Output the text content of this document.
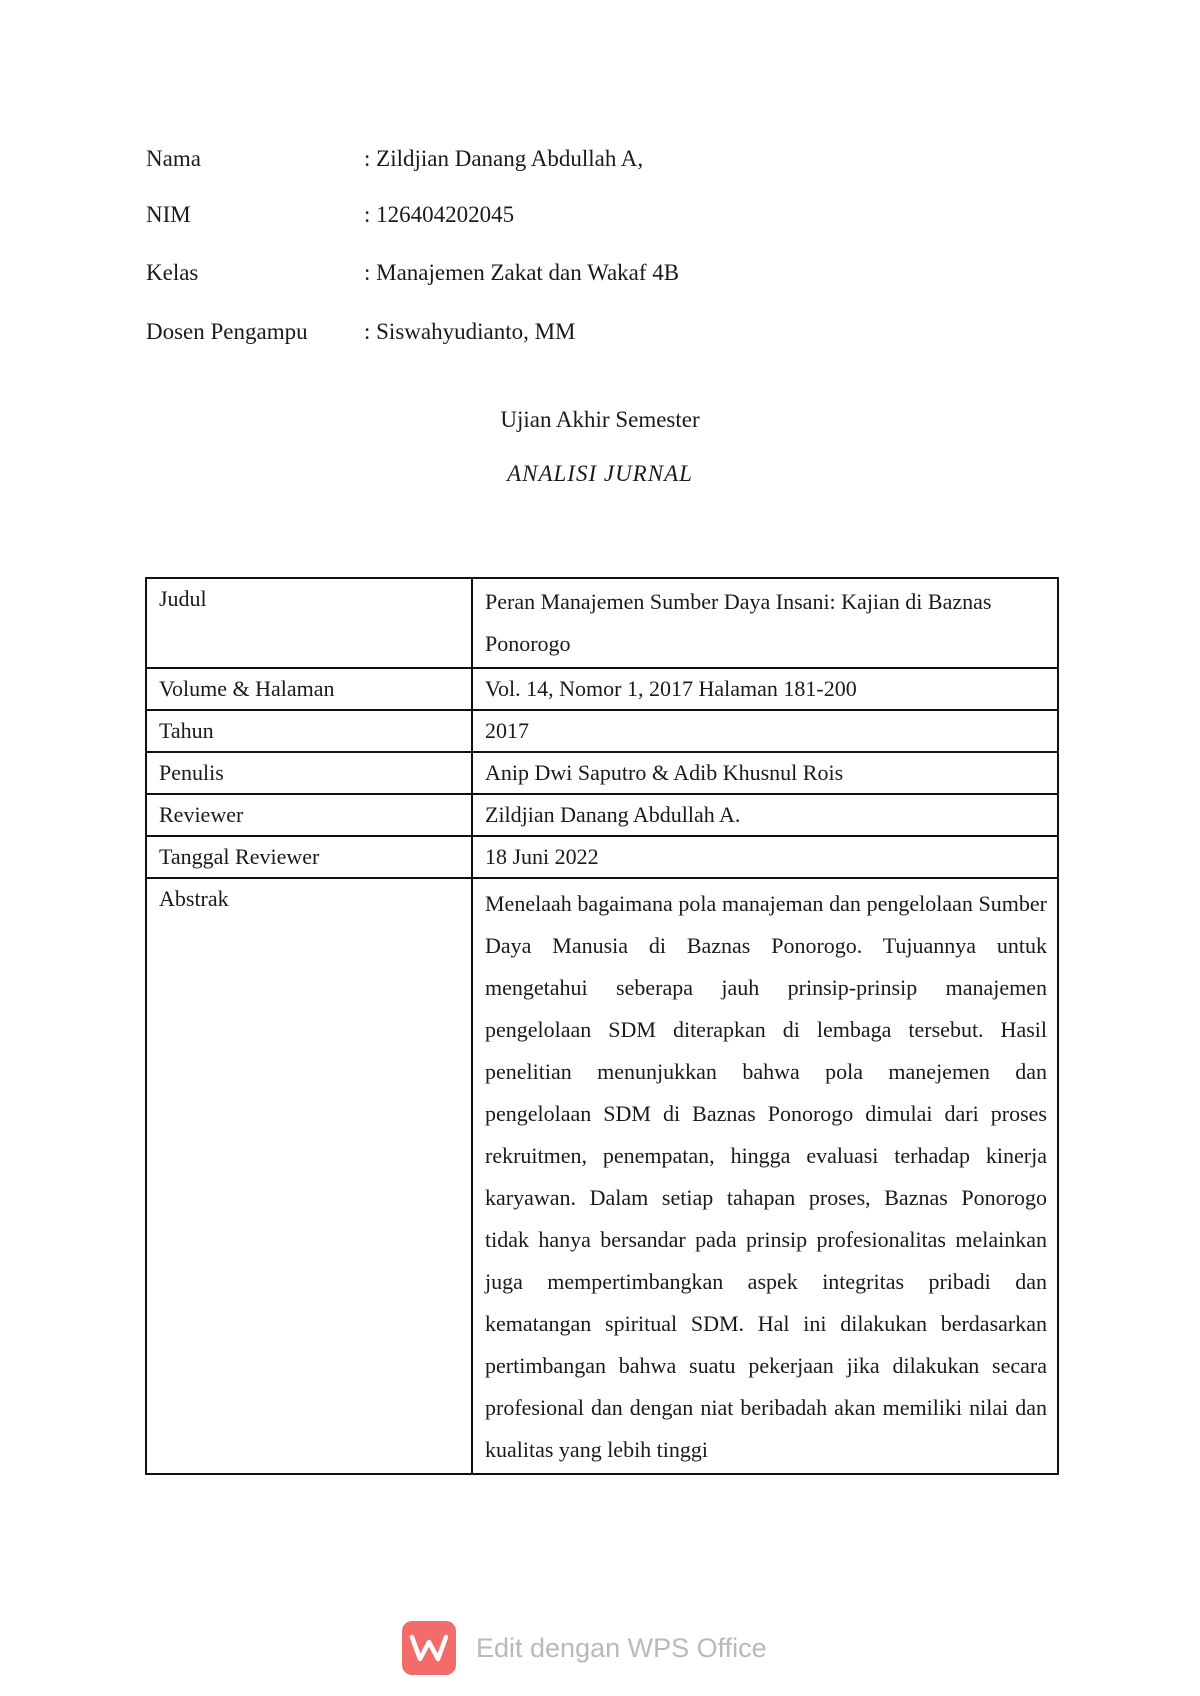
Nama	: Zildjian Danang Abdullah A,
NIM	: 126404202045
Kelas	: Manajemen Zakat dan Wakaf 4B
Dosen Pengampu : Siswahyudianto, MM
Ujian Akhir Semester
ANALISI JURNAL
Judul	Peran Manajemen Sumber Daya Insani: Kajian di Baznas Ponorogo
Volume & Halaman	Vol. 14, Nomor 1, 2017 Halaman 181-200
Tahun	2017
Penulis	Anip Dwi Saputro & Adib Khusnul Rois
Reviewer	Zildjian Danang Abdullah A.
Tanggal Reviewer	18 Juni 2022
Abstrak	Menelaah bagaimana pola manajeman dan pengelolaan Sumber Daya Manusia di Baznas Ponorogo. Tujuannya untuk mengetahui seberapa jauh prinsip-prinsip manajemen pengelolaan SDM diterapkan di lembaga tersebut. Hasil penelitian menunjukkan bahwa pola manejemen dan pengelolaan SDM di Baznas Ponorogo dimulai dari proses rekruitmen, penempatan, hingga evaluasi terhadap kinerja karyawan. Dalam setiap tahapan proses, Baznas Ponorogo tidak hanya bersandar pada prinsip profesionalitas melainkan juga mempertimbangkan aspek integritas pribadi dan kematangan spiritual SDM. Hal ini dilakukan berdasarkan pertimbangan bahwa suatu pekerjaan jika dilakukan secara profesional dan dengan niat beribadah akan memiliki nilai dan kualitas yang lebih tinggi
Edit dengan WPS Office
